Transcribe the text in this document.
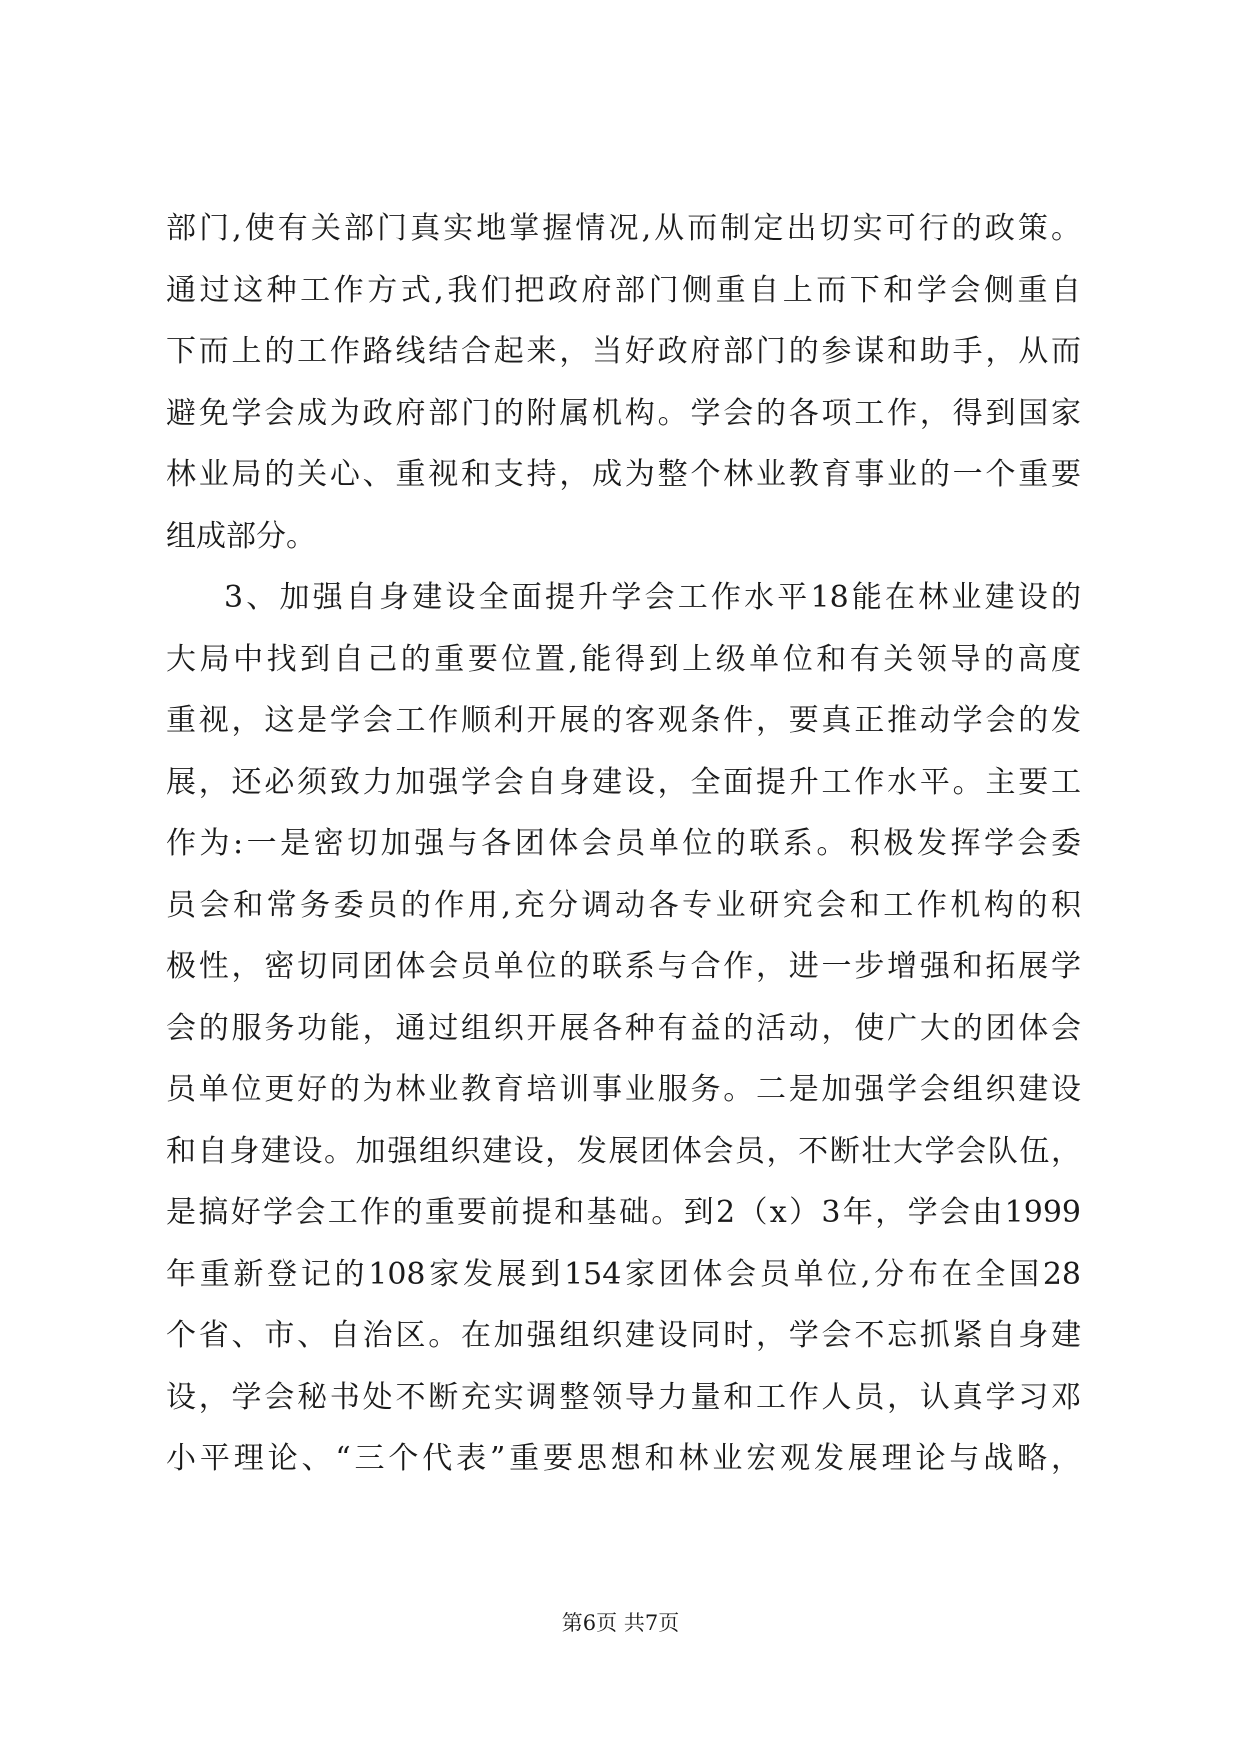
部门,使有关部门真实地掌握情况,从而制定出切实可行的政策。
通过这种工作方式,我们把政府部门侧重自上而下和学会侧重自
下而上的工作路线结合起来，当好政府部门的参谋和助手，从而
避免学会成为政府部门的附属机构。学会的各项工作，得到国家
林业局的关心、重视和支持，成为整个林业教育事业的一个重要
组成部分。
3、加强自身建设全面提升学会工作水平18能在林业建设的
大局中找到自己的重要位置,能得到上级单位和有关领导的高度
重视，这是学会工作顺利开展的客观条件，要真正推动学会的发
展，还必须致力加强学会自身建设，全面提升工作水平。主要工
作为:一是密切加强与各团体会员单位的联系。积极发挥学会委
员会和常务委员的作用,充分调动各专业研究会和工作机构的积
极性，密切同团体会员单位的联系与合作，进一步增强和拓展学
会的服务功能，通过组织开展各种有益的活动，使广大的团体会
员单位更好的为林业教育培训事业服务。二是加强学会组织建设
和自身建设。加强组织建设，发展团体会员，不断壮大学会队伍，
是搞好学会工作的重要前提和基础。到2（x）3年，学会由1999
年重新登记的108家发展到154家团体会员单位,分布在全国28
个省、市、自治区。在加强组织建设同时，学会不忘抓紧自身建
设，学会秘书处不断充实调整领导力量和工作人员，认真学习邓
小平理论、“三个代表”重要思想和林业宏观发展理论与战略，
第6页 共7页
